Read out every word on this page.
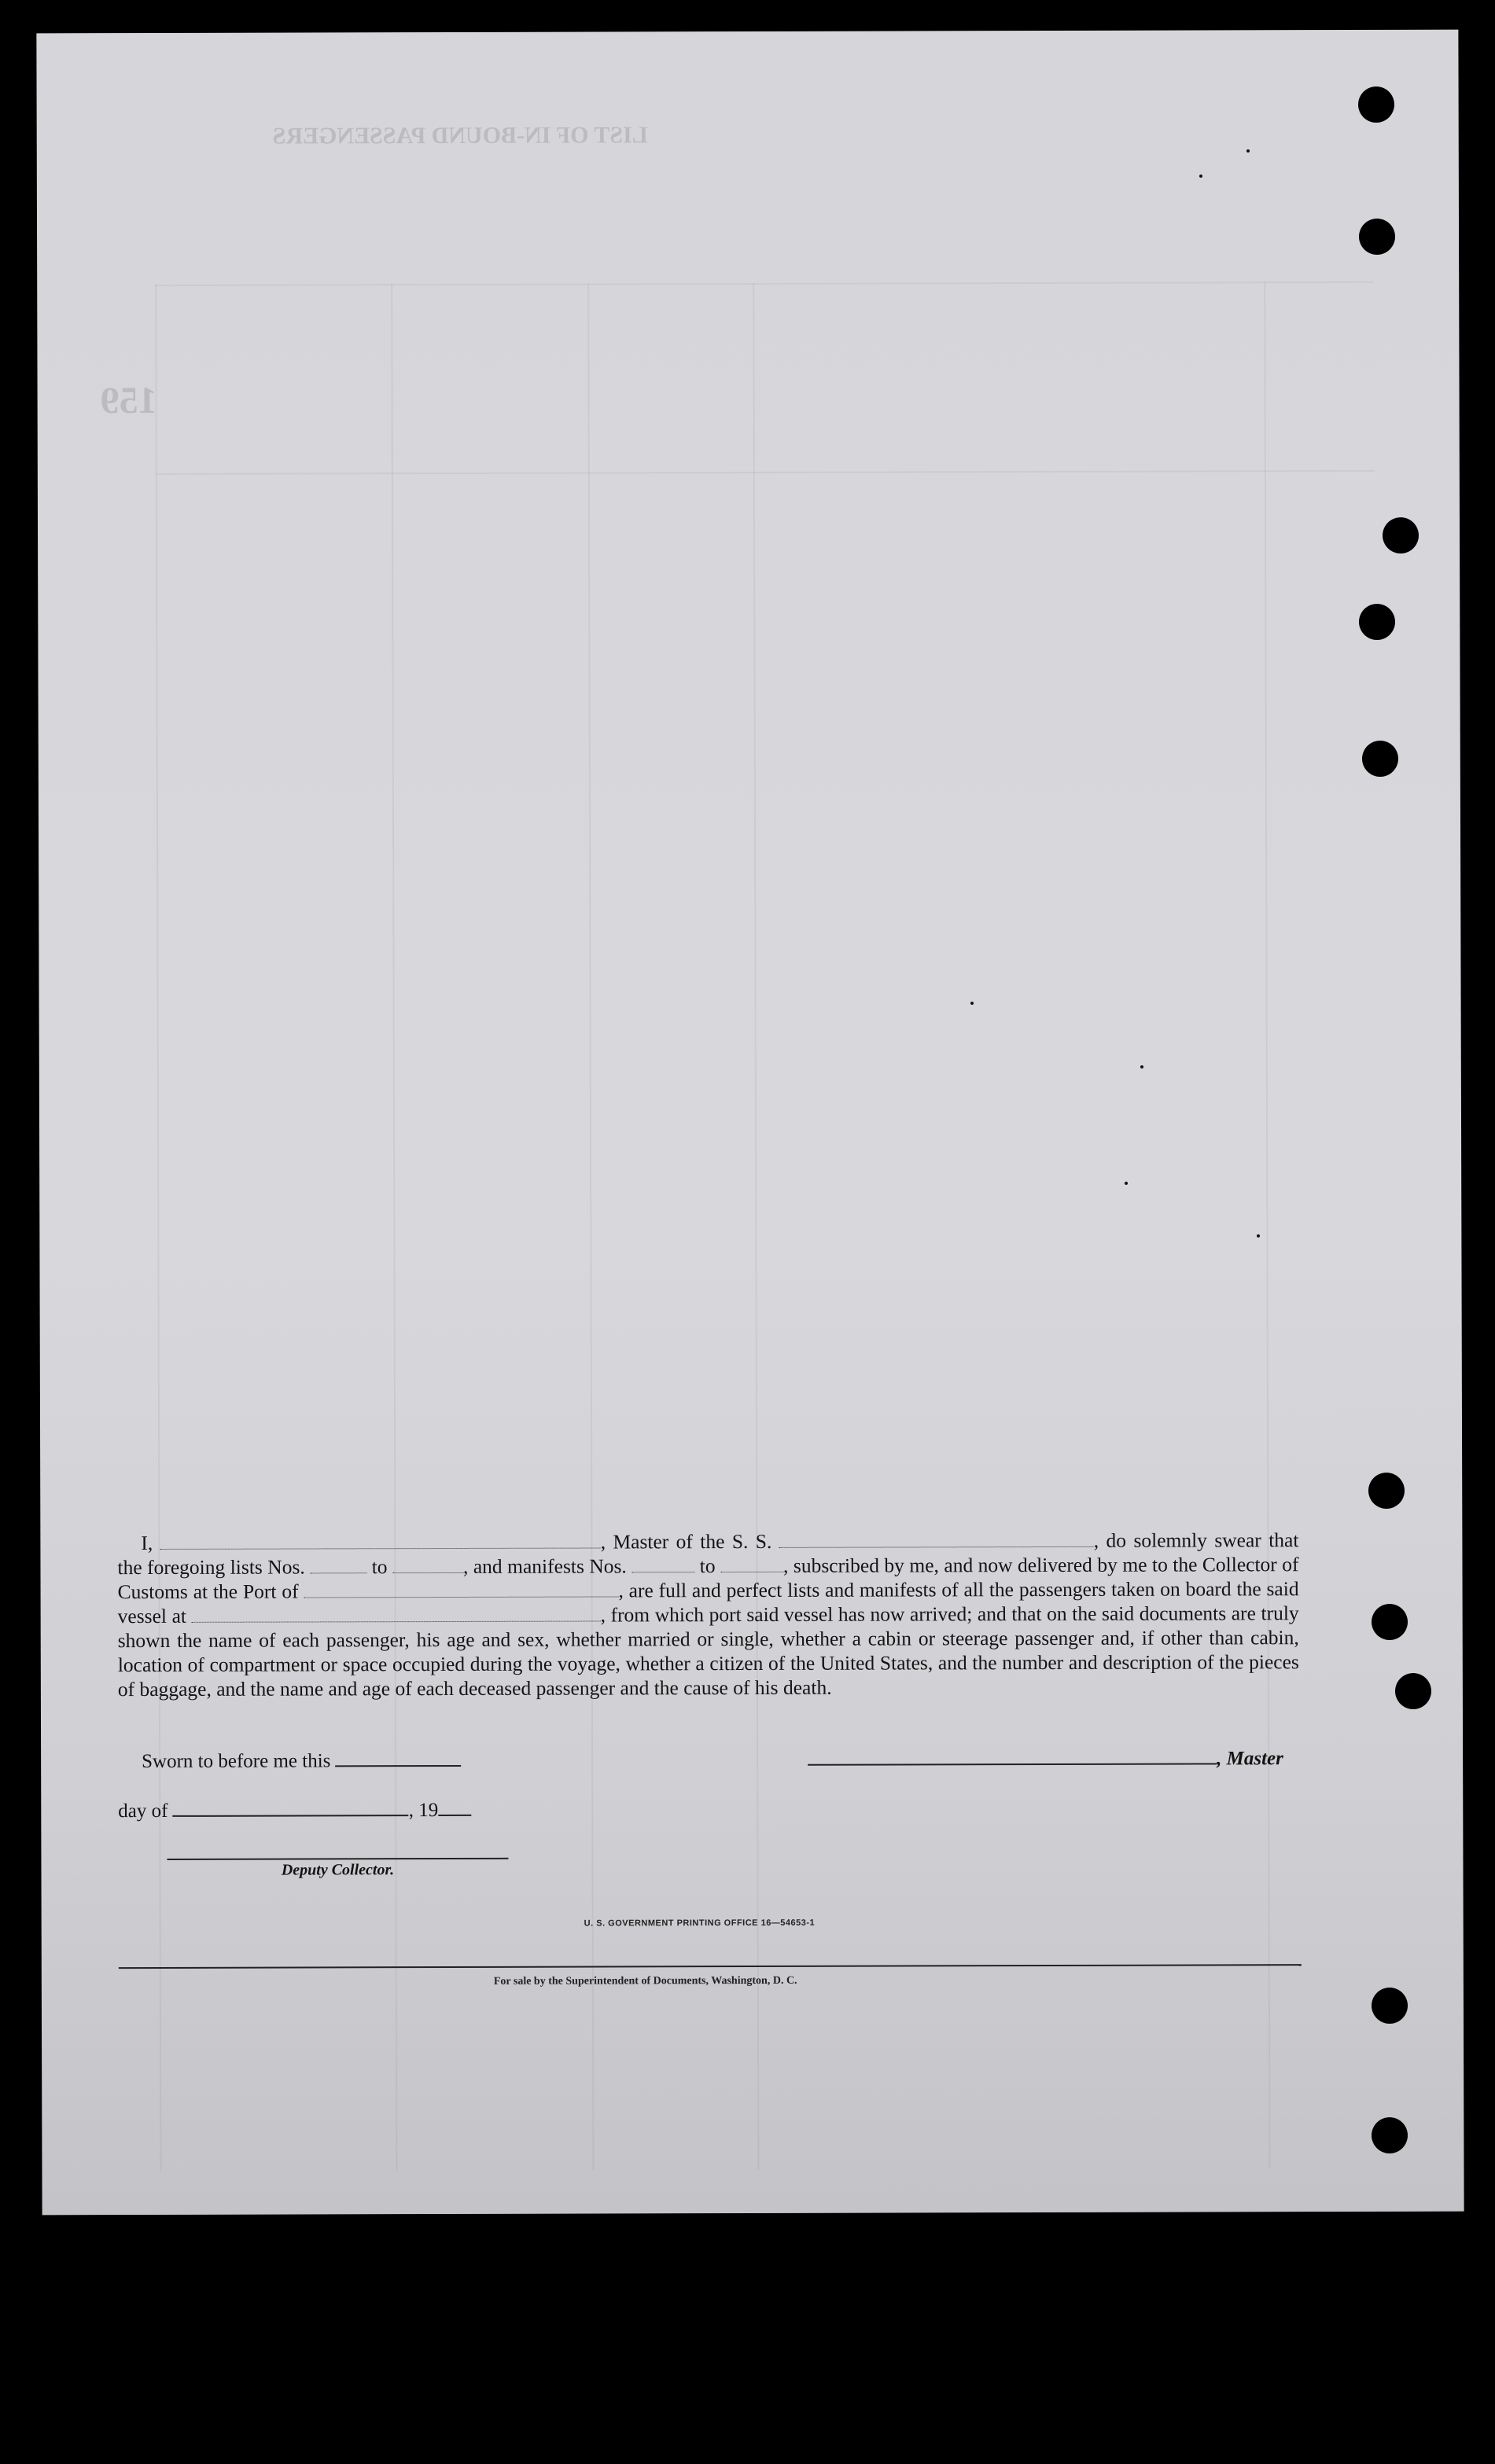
LIST OF IN-BOUND PASSENGERS
159
I,	, Master of the S. S.	, do solemnly swear that the foregoing lists Nos.	to	, and manifests Nos.	to	, subscribed by me, and now delivered by me to the Collector of Customs at the Port of	, are full and perfect lists and manifests of all the passengers taken on board the said vessel at	, from which port said vessel has now arrived; and that on the said documents are truly shown the name of each passenger, his age and sex, whether married or single, whether a cabin or steerage passenger and, if other than cabin, location of compartment or space occupied during the voyage, whether a citizen of the United States, and the number and description of the pieces of baggage, and the name and age of each deceased passenger and the cause of his death.
Sworn to before me this	, Master
day of	, 19
Deputy Collector.
U. S. GOVERNMENT PRINTING OFFICE 16—54653-1
For sale by the Superintendent of Documents, Washington, D. C.
